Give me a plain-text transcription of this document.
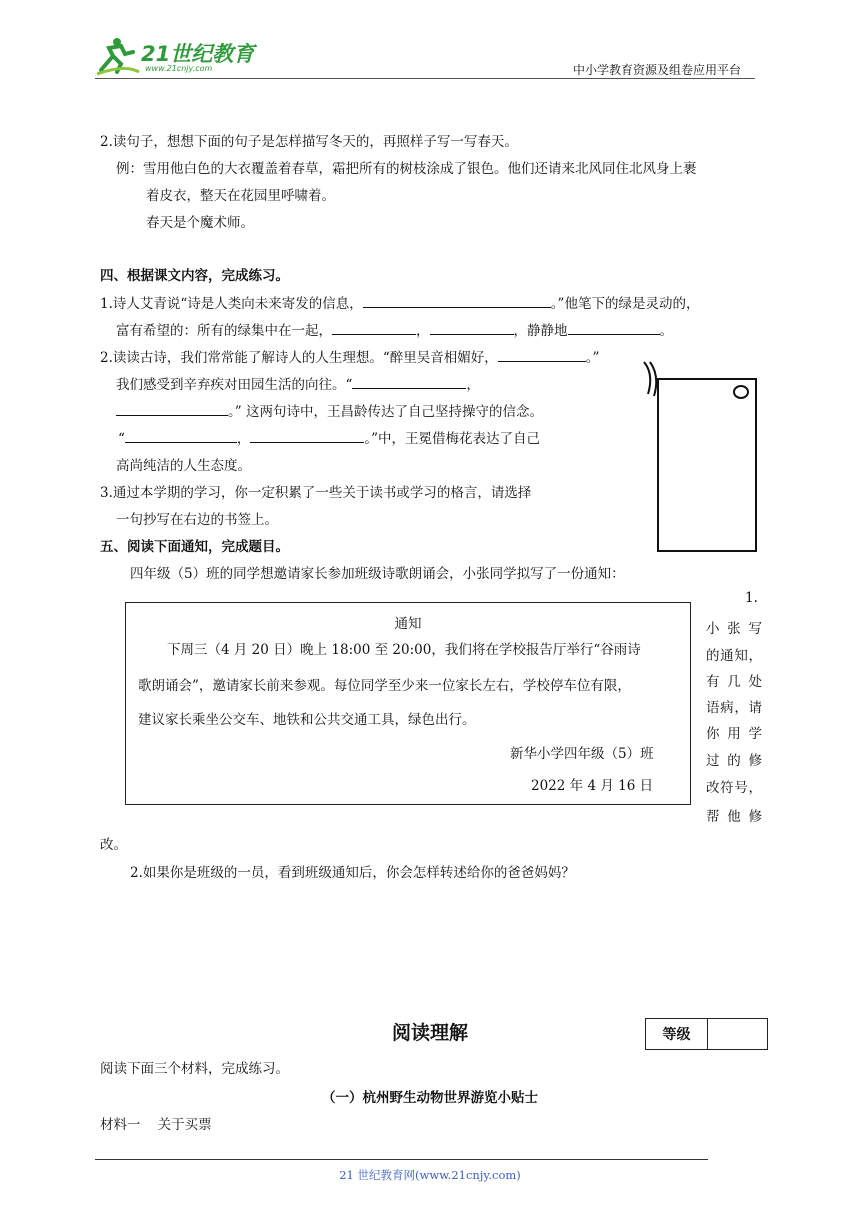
21世纪教育
www.21cnjy.com	中小学教育资源及组卷应用平台
2.读句子，想想下面的句子是怎样描写冬天的，再照样子写一写春天。
例：雪用他白色的大衣覆盖着春草，霜把所有的树枝涂成了银色。他们还请来北风同住北风身上裹
着皮衣，整天在花园里呼啸着。
春天是个魔术师。
四、根据课文内容，完成练习。
1.诗人艾青说“诗是人类向未来寄发的信息，	。”他笔下的绿是灵动的，
富有希望的：所有的绿集中在一起，	，	，静静地	。
2.读读古诗，我们常常能了解诗人的人生理想。“醉里吴音相媚好，	。”
我们感受到辛弃疾对田园生活的向往。“	，
。” 这两句诗中，王昌龄传达了自己坚持操守的信念。
“	，	。”中，王冕借梅花表达了自己
高尚纯洁的人生态度。
3.通过本学期的学习，你一定积累了一些关于读书或学习的格言，请选择
一句抄写在右边的书签上。
五、阅读下面通知，完成题目。
四年级（5）班的同学想邀请家长参加班级诗歌朗诵会，小张同学拟写了一份通知：
通知
下周三（4 月 20 日）晚上 18:00 至 20:00，我们将在学校报告厅举行“谷雨诗
歌朗诵会”，邀请家长前来参观。每位同学至少来一位家长左右，学校停车位有限，
建议家长乘坐公交车、地铁和公共交通工具，绿色出行。
新华小学四年级（5）班
2022 年 4 月 16 日
1.
小张写
的通知，
有几处
语病，请
你用学
过的修
改符号，
帮他修
改。
2.如果你是班级的一员，看到班级通知后，你会怎样转述给你的爸爸妈妈？
阅读理解	等级
阅读下面三个材料，完成练习。
（一）杭州野生动物世界游览小贴士
材料一    关于买票
21 世纪教育网(www.21cnjy.com)
